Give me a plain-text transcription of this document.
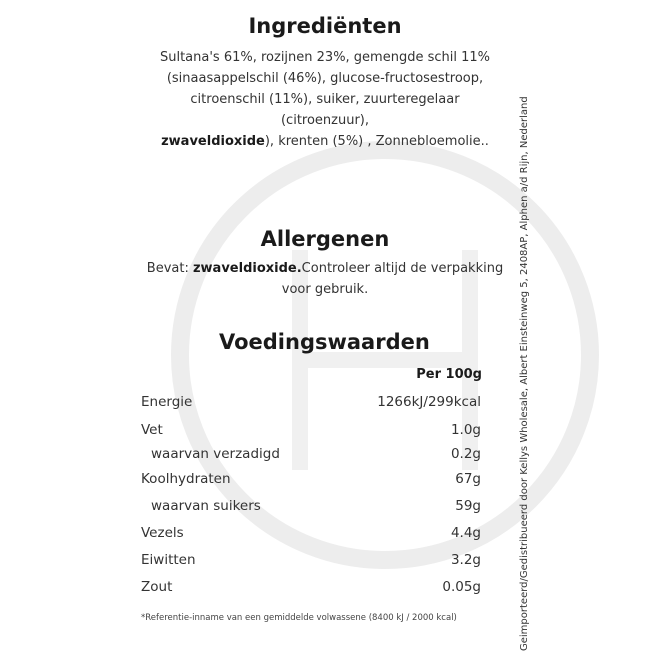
Ingrediënten
Sultana's 61%, rozijnen 23%, gemengde schil 11%
(sinaasappelschil (46%), glucose-fructosestroop,
citroenschil (11%), suiker, zuurteregelaar (citroenzuur),
zwaveldioxide), krenten (5%) , Zonnebloemolie..
Allergenen
Bevat: zwaveldioxide.Controleer altijd de verpakking
voor gebruik.
Voedingswaarden
Per 100g
Energie	1266kJ/299kcal
Vet	1.0g
waarvan verzadigd	0.2g
Koolhydraten	67g
waarvan suikers	59g
Vezels	4.4g
Eiwitten	3.2g
Zout	0.05g
*Referentie-inname van een gemiddelde volwassene (8400 kJ / 2000 kcal)	Geimporteerd/Gedistribueerd door Kellys Wholesale, Albert Einsteinweg 5, 2408AP, Alphen a/d Rijn, Nederland
